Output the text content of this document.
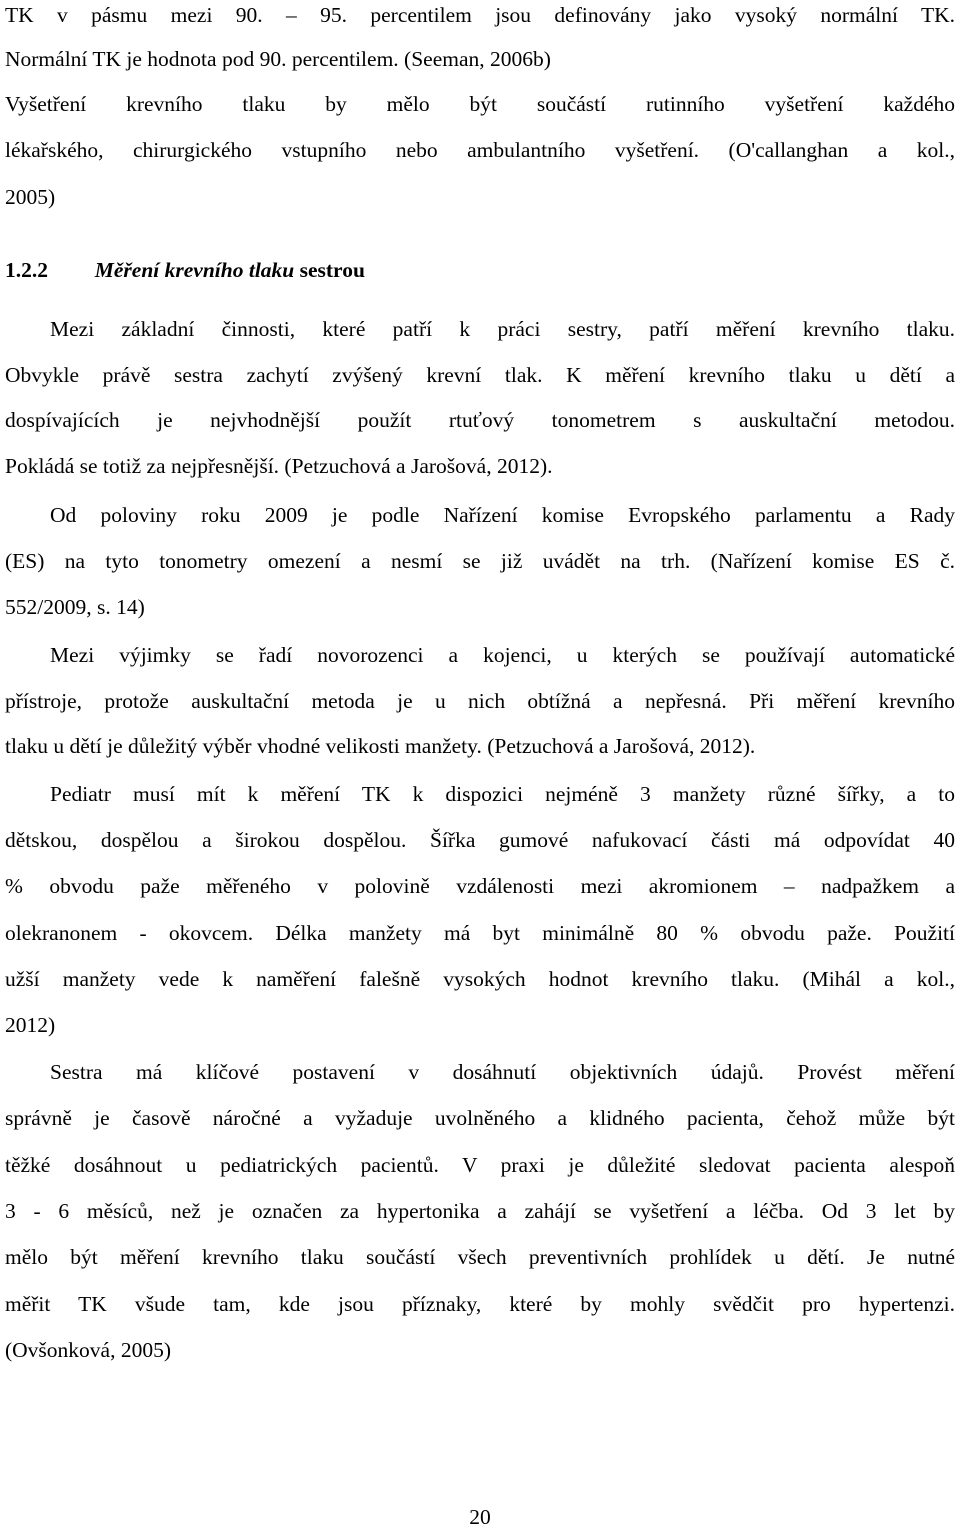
TK v pásmu mezi 90. – 95. percentilem jsou definovány jako vysoký normální TK.
Normální TK je hodnota pod 90. percentilem. (Seeman, 2006b)
Vyšetření krevního tlaku by mělo být součástí rutinního vyšetření každého
lékařského, chirurgického vstupního nebo ambulantního vyšetření. (O'callanghan a kol.,
2005)
1.2.2 Měření krevního tlaku sestrou
Mezi základní činnosti, které patří k práci sestry, patří měření krevního tlaku.
Obvykle právě sestra zachytí zvýšený krevní tlak. K měření krevního tlaku u dětí a
dospívajících je nejvhodnější použít rtuťový tonometrem s auskultační metodou.
Pokládá se totiž za nejpřesnější. (Petzuchová a Jarošová, 2012).
Od poloviny roku 2009 je podle Nařízení komise Evropského parlamentu a Rady
(ES) na tyto tonometry omezení a nesmí se již uvádět na trh. (Nařízení komise ES č.
552/2009, s. 14)
Mezi výjimky se řadí novorozenci a kojenci, u kterých se používají automatické
přístroje, protože auskultační metoda je u nich obtížná a nepřesná. Při měření krevního
tlaku u dětí je důležitý výběr vhodné velikosti manžety. (Petzuchová a Jarošová, 2012).
Pediatr musí mít k měření TK k dispozici nejméně 3 manžety různé šířky, a to
dětskou, dospělou a širokou dospělou. Šířka gumové nafukovací části má odpovídat 40
% obvodu paže měřeného v polovině vzdálenosti mezi akromionem – nadpažkem a
olekranonem - okovcem. Délka manžety má byt minimálně 80 % obvodu paže. Použití
užší manžety vede k naměření falešně vysokých hodnot krevního tlaku. (Mihál a kol.,
2012)
Sestra má klíčové postavení v dosáhnutí objektivních údajů. Provést měření
správně je časově náročné a vyžaduje uvolněného a klidného pacienta, čehož může být
těžké dosáhnout u pediatrických pacientů. V praxi je důležité sledovat pacienta alespoň
3 - 6 měsíců, než je označen za hypertonika a zahájí se vyšetření a léčba. Od 3 let by
mělo být měření krevního tlaku součástí všech preventivních prohlídek u dětí. Je nutné
měřit TK všude tam, kde jsou příznaky, které by mohly svědčit pro hypertenzi.
(Ovšonková, 2005)
20
